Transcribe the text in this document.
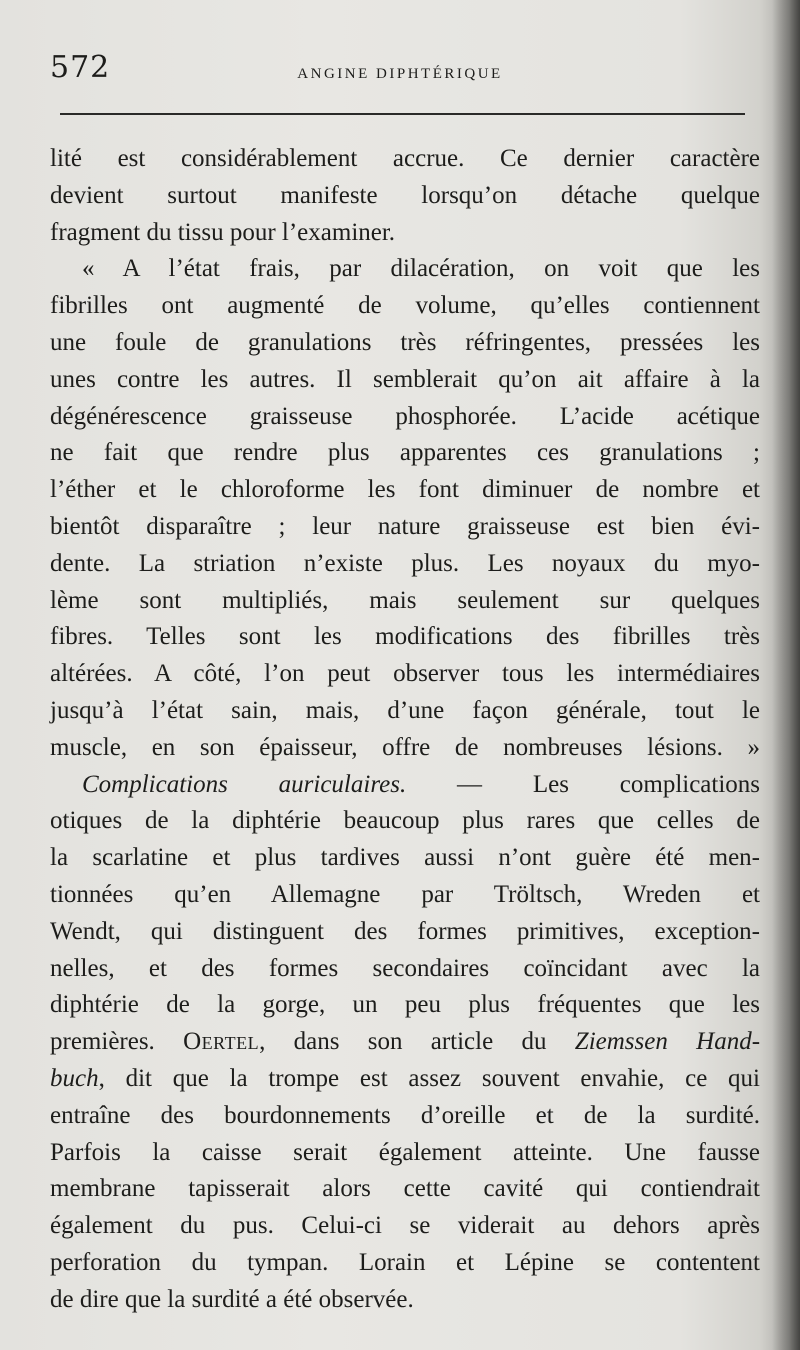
572	ANGINE DIPHTÉRIQUE
lité est considérablement accrue. Ce dernier caractère
devient surtout manifeste lorsqu’on détache quelque
fragment du tissu pour l’examiner.
« A l’état frais, par dilacération, on voit que les
fibrilles ont augmenté de volume, qu’elles contiennent
une foule de granulations très réfringentes, pressées les
unes contre les autres. Il semblerait qu’on ait affaire à la
dégénérescence graisseuse phosphorée. L’acide acétique
ne fait que rendre plus apparentes ces granulations ;
l’éther et le chloroforme les font diminuer de nombre et
bientôt disparaître ; leur nature graisseuse est bien évi-
dente. La striation n’existe plus. Les noyaux du myo-
lème sont multipliés, mais seulement sur quelques
fibres. Telles sont les modifications des fibrilles très
altérées. A côté, l’on peut observer tous les intermédiaires
jusqu’à l’état sain, mais, d’une façon générale, tout le
muscle, en son épaisseur, offre de nombreuses lésions. »
Complications auriculaires. — Les complications
otiques de la diphtérie beaucoup plus rares que celles de
la scarlatine et plus tardives aussi n’ont guère été men-
tionnées qu’en Allemagne par Tröltsch, Wreden et
Wendt, qui distinguent des formes primitives, exception-
nelles, et des formes secondaires coïncidant avec la
diphtérie de la gorge, un peu plus fréquentes que les
premières. Oertel, dans son article du Ziemssen Hand-
buch, dit que la trompe est assez souvent envahie, ce qui
entraîne des bourdonnements d’oreille et de la surdité.
Parfois la caisse serait également atteinte. Une fausse
membrane tapisserait alors cette cavité qui contiendrait
également du pus. Celui-ci se viderait au dehors après
perforation du tympan. Lorain et Lépine se contentent
de dire que la surdité a été observée.
